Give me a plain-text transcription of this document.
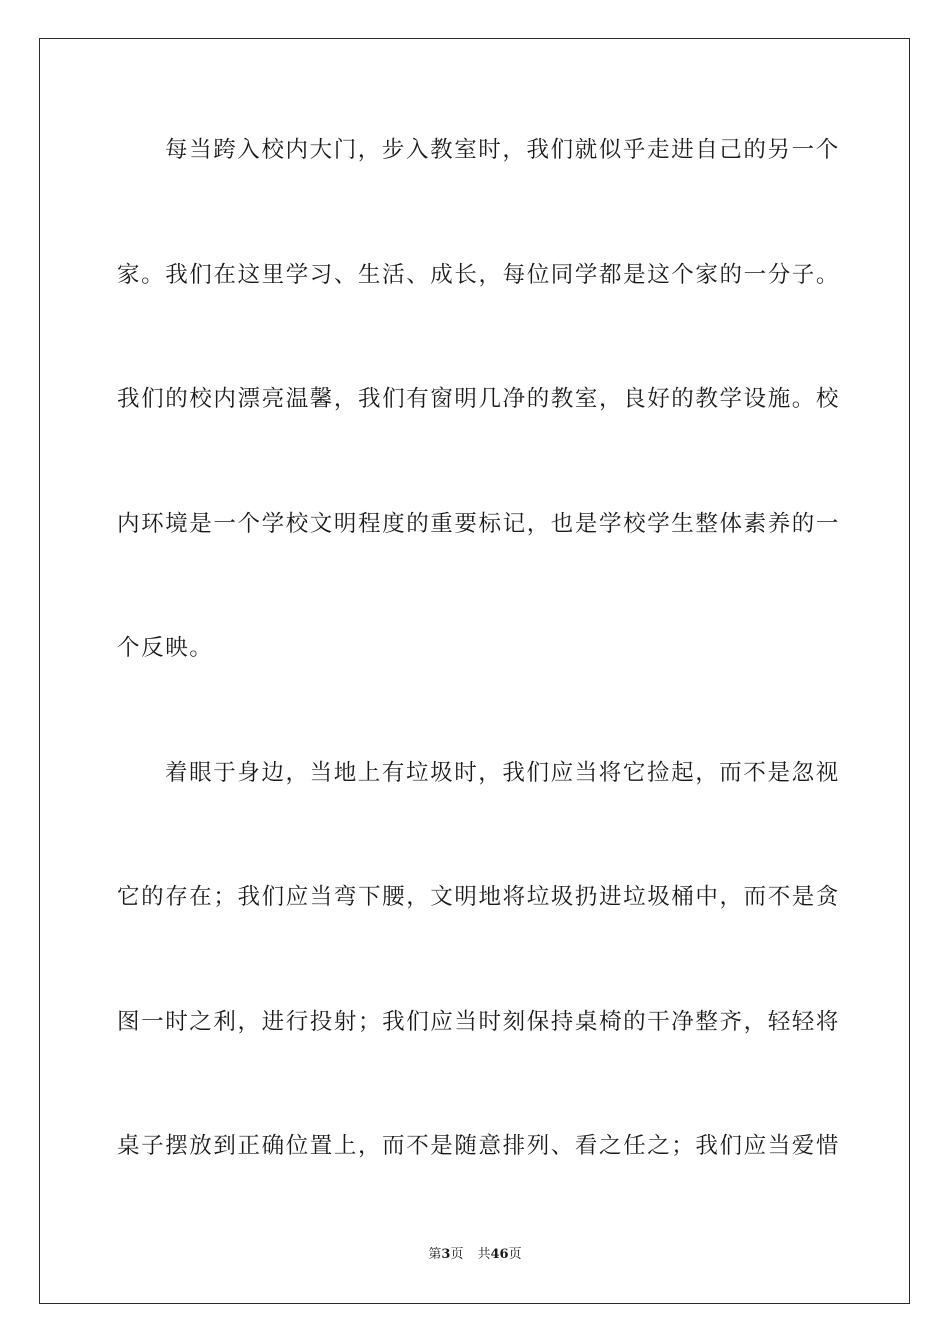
每当跨入校内大门，步入教室时，我们就似乎走进自己的另一个
家。我们在这里学习、生活、成长，每位同学都是这个家的一分子。
我们的校内漂亮温馨，我们有窗明几净的教室，良好的教学设施。校
内环境是一个学校文明程度的重要标记，也是学校学生整体素养的一
个反映。
着眼于身边，当地上有垃圾时，我们应当将它捡起，而不是忽视
它的存在；我们应当弯下腰，文明地将垃圾扔进垃圾桶中，而不是贪
图一时之利，进行投射；我们应当时刻保持桌椅的干净整齐，轻轻将
桌子摆放到正确位置上，而不是随意排列、看之任之；我们应当爱惜
第3页 共46页
